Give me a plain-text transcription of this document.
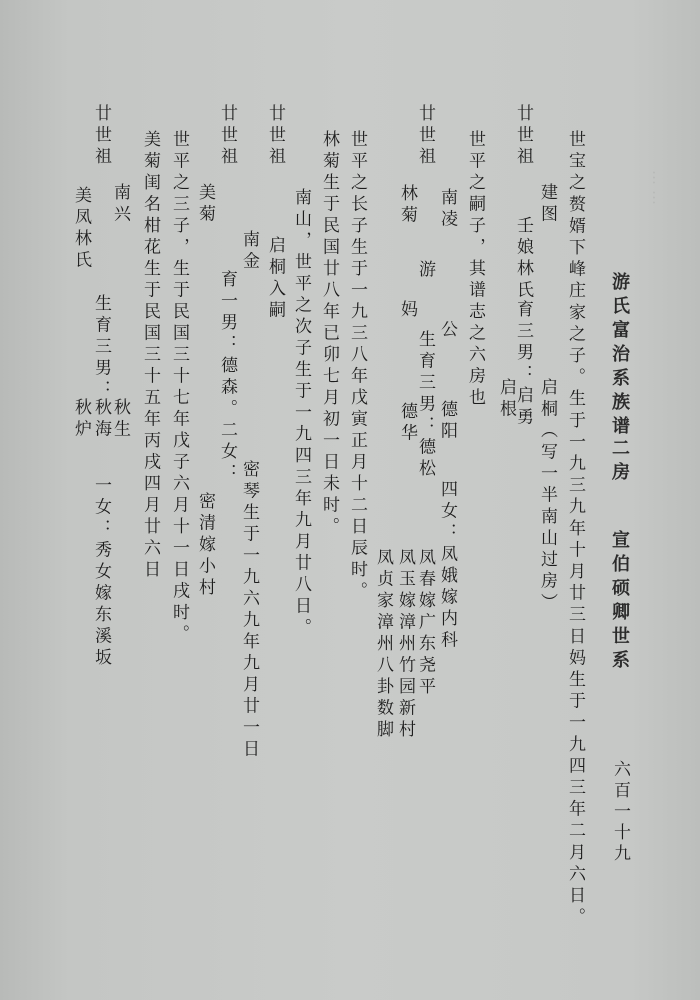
……
游氏富治系族谱
二房
宣伯硕卿世系
六百一十九
世宝之赘婿下峰庄家之子。生于一九三九年十月廿三日妈生于一九四三年二月六日。
建图
启桐（写一半南山过房）
壬娘林氏
育三男：启勇
启根
廿世祖
世平之嗣子，其谱志之六房也
南凌
公
德阳
四女：凤娥嫁内科
廿世祖
林菊
游
生育三男：德松
凤春嫁广东尧平
妈
德华
凤玉嫁漳州竹园新村
凤贞家漳州八卦数脚
世平之长子生于一九三八年戊寅正月十二日辰时。
林菊生于民国廿八年已卯七月初一日未时。
南山，世平之次子生于一九四三年九月廿八日。
廿世祖
启桐入嗣
南金
密琴生于一九六九年九月廿一日
育一男：德森。二女：
廿世祖
美菊
密清嫁小村
世平之三子，生于民国三十七年戊子六月十一日戌时。
美菊闺名柑花生于民国三十五年丙戌四月廿六日
南兴
秋生
生育三男：
秋海
一女：秀女嫁东溪坂
廿世祖
美凤林氏
秋炉
